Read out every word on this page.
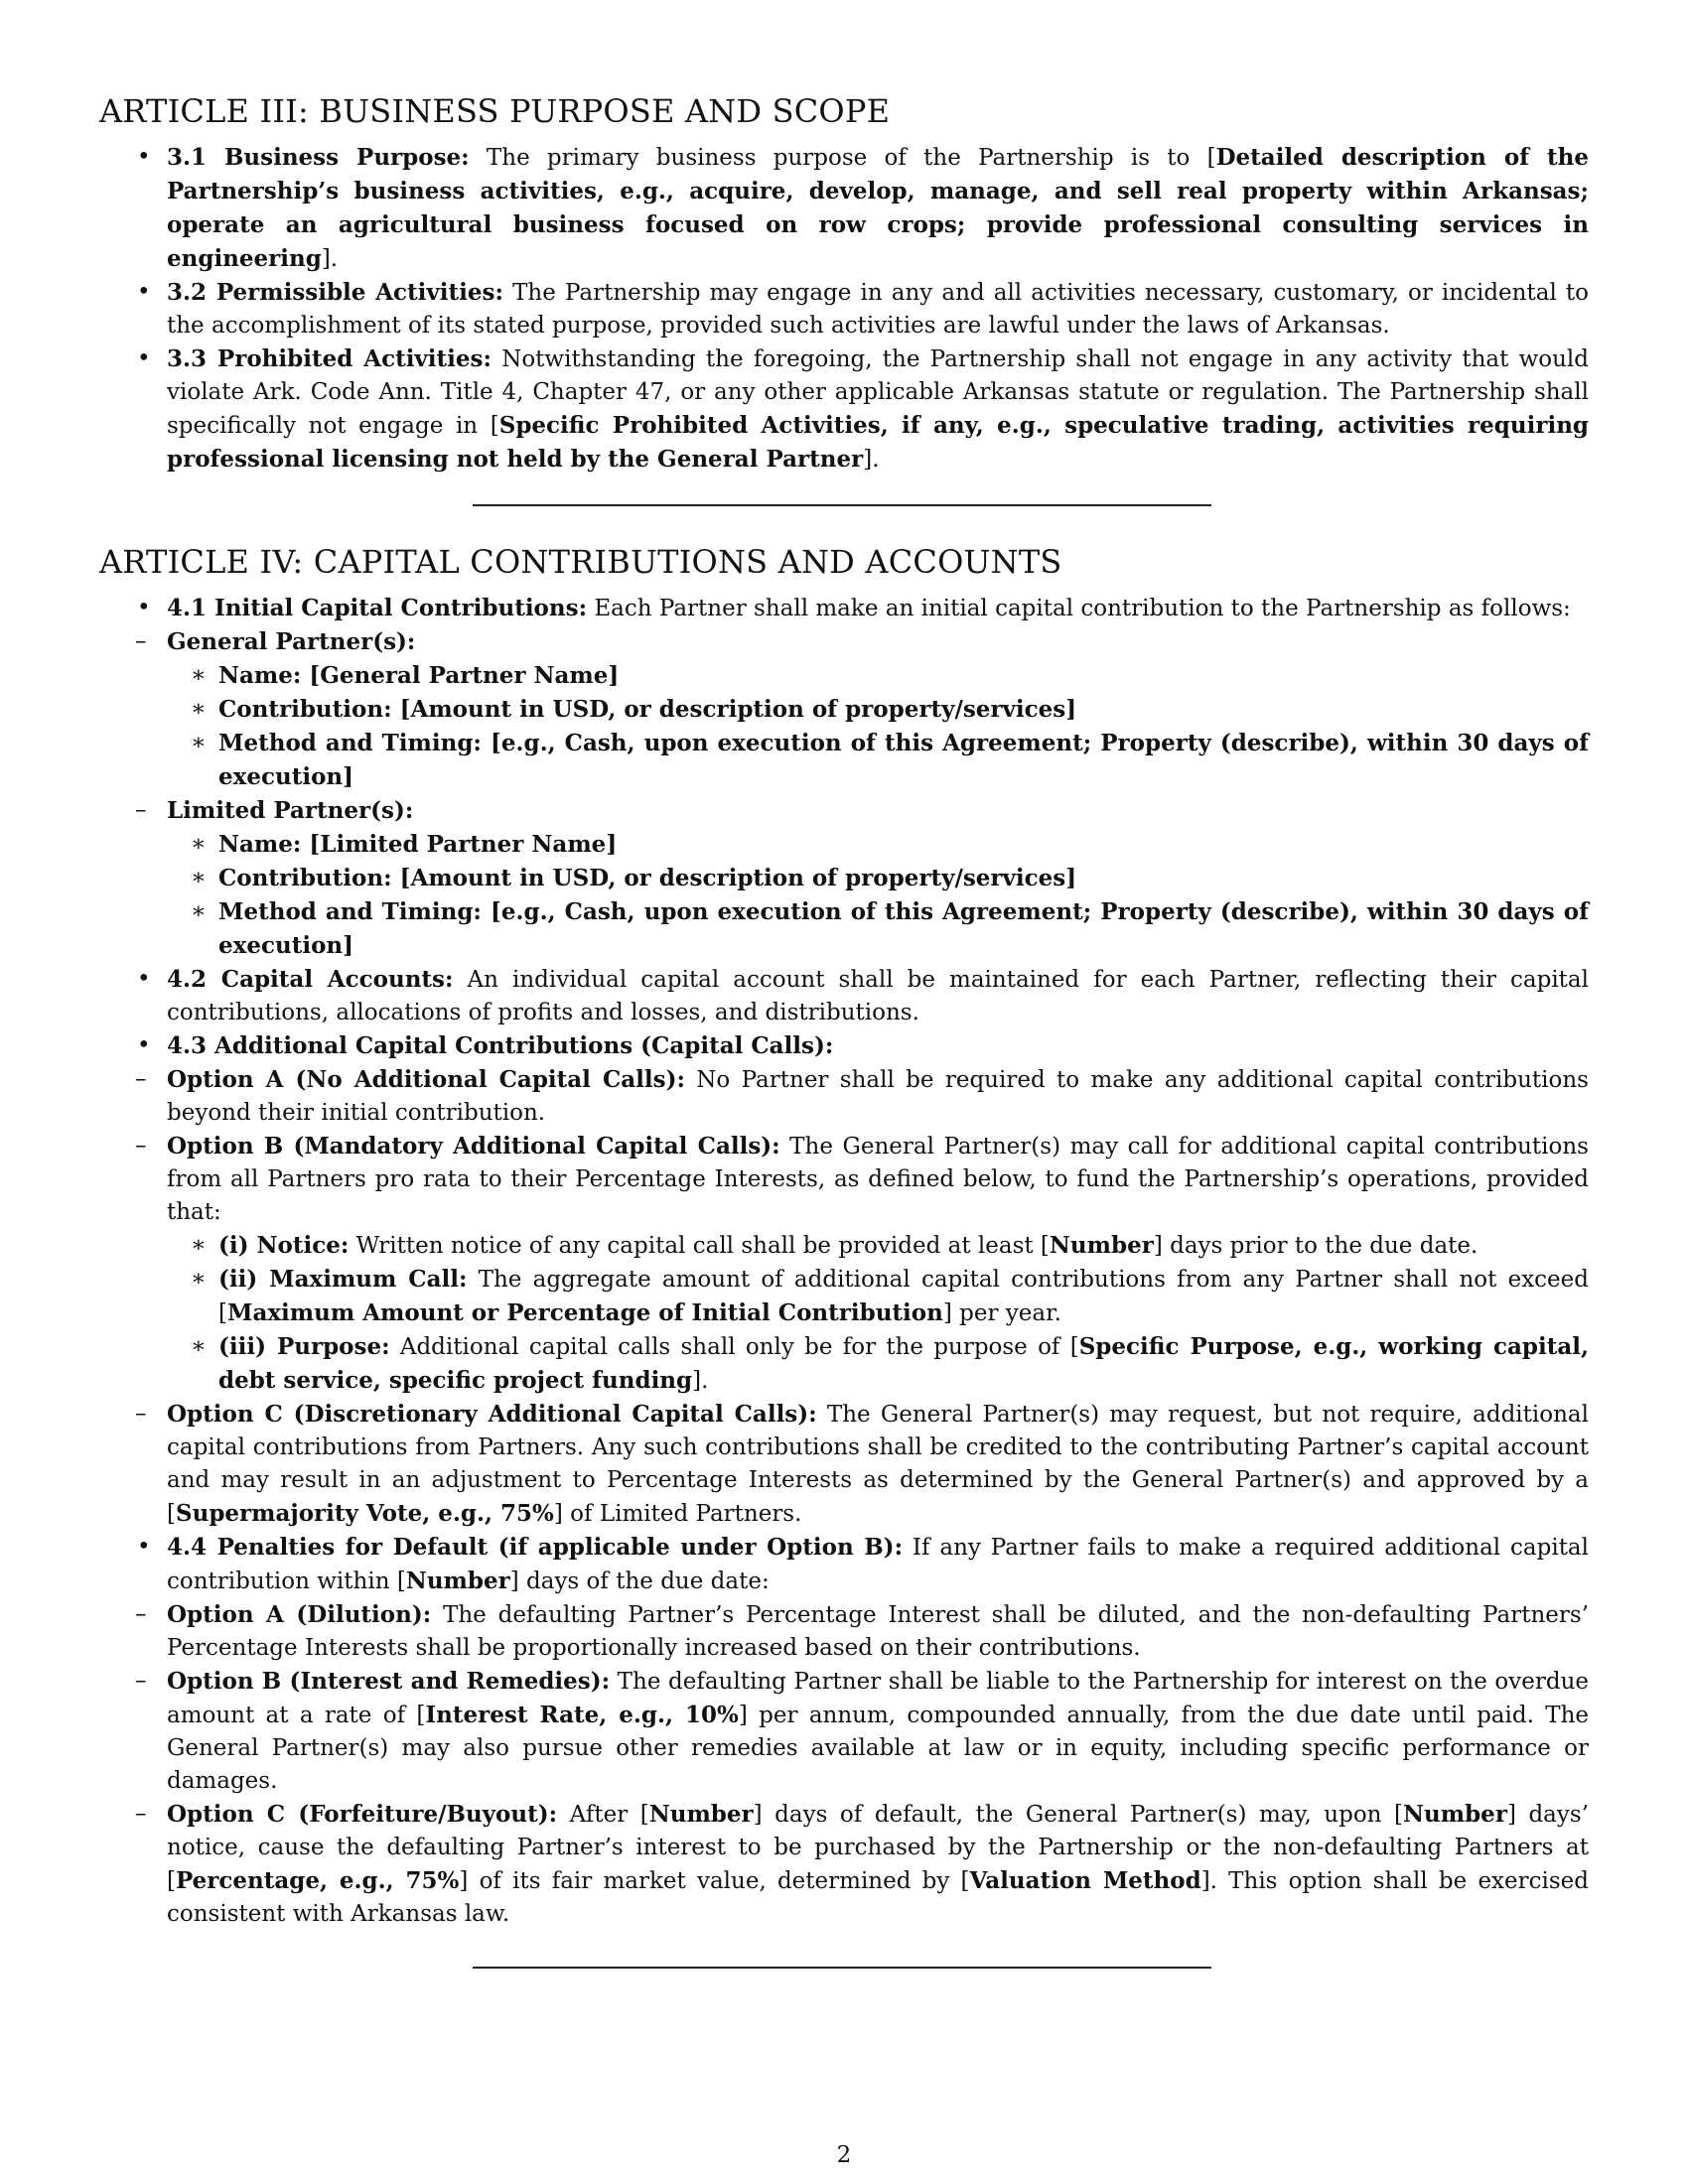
ARTICLE III: BUSINESS PURPOSE AND SCOPE
• 3.1 Business Purpose: The primary business purpose of the Partnership is to [Detailed description of the Partnership’s business activities, e.g., acquire, develop, manage, and sell real property within Arkansas; operate an agricultural business focused on row crops; provide professional consulting services in engineering].
• 3.2 Permissible Activities: The Partnership may engage in any and all activities necessary, customary, or incidental to the accomplishment of its stated purpose, provided such activities are lawful under the laws of Arkansas.
• 3.3 Prohibited Activities: Notwithstanding the foregoing, the Partnership shall not engage in any activity that would violate Ark. Code Ann. Title 4, Chapter 47, or any other applicable Arkansas statute or regulation. The Partnership shall specifically not engage in [Specific Prohibited Activities, if any, e.g., speculative trading, activities requiring professional licensing not held by the General Partner].
ARTICLE IV: CAPITAL CONTRIBUTIONS AND ACCOUNTS
• 4.1 Initial Capital Contributions: Each Partner shall make an initial capital contribution to the Partnership as follows:
– General Partner(s):
∗ Name: [General Partner Name]
∗ Contribution: [Amount in USD, or description of property/services]
∗ Method and Timing: [e.g., Cash, upon execution of this Agreement; Property (describe), within 30 days of execution]
– Limited Partner(s):
∗ Name: [Limited Partner Name]
∗ Contribution: [Amount in USD, or description of property/services]
∗ Method and Timing: [e.g., Cash, upon execution of this Agreement; Property (describe), within 30 days of execution]
• 4.2 Capital Accounts: An individual capital account shall be maintained for each Partner, reflecting their capital contributions, allocations of profits and losses, and distributions.
• 4.3 Additional Capital Contributions (Capital Calls):
– Option A (No Additional Capital Calls): No Partner shall be required to make any additional capital contributions beyond their initial contribution.
– Option B (Mandatory Additional Capital Calls): The General Partner(s) may call for additional capital contributions from all Partners pro rata to their Percentage Interests, as defined below, to fund the Partnership’s operations, provided that:
∗ (i) Notice: Written notice of any capital call shall be provided at least [Number] days prior to the due date.
∗ (ii) Maximum Call: The aggregate amount of additional capital contributions from any Partner shall not exceed [Maximum Amount or Percentage of Initial Contribution] per year.
∗ (iii) Purpose: Additional capital calls shall only be for the purpose of [Specific Purpose, e.g., working capital, debt service, specific project funding].
– Option C (Discretionary Additional Capital Calls): The General Partner(s) may request, but not require, additional capital contributions from Partners. Any such contributions shall be credited to the contributing Partner’s capital account and may result in an adjustment to Percentage Interests as determined by the General Partner(s) and approved by a [Supermajority Vote, e.g., 75%] of Limited Partners.
• 4.4 Penalties for Default (if applicable under Option B): If any Partner fails to make a required additional capital contribution within [Number] days of the due date:
– Option A (Dilution): The defaulting Partner’s Percentage Interest shall be diluted, and the non-defaulting Partners’ Percentage Interests shall be proportionally increased based on their contributions.
– Option B (Interest and Remedies): The defaulting Partner shall be liable to the Partnership for interest on the overdue amount at a rate of [Interest Rate, e.g., 10%] per annum, compounded annually, from the due date until paid. The General Partner(s) may also pursue other remedies available at law or in equity, including specific performance or damages.
– Option C (Forfeiture/Buyout): After [Number] days of default, the General Partner(s) may, upon [Number] days’ notice, cause the defaulting Partner’s interest to be purchased by the Partnership or the non-defaulting Partners at [Percentage, e.g., 75%] of its fair market value, determined by [Valuation Method]. This option shall be exercised consistent with Arkansas law.
2
